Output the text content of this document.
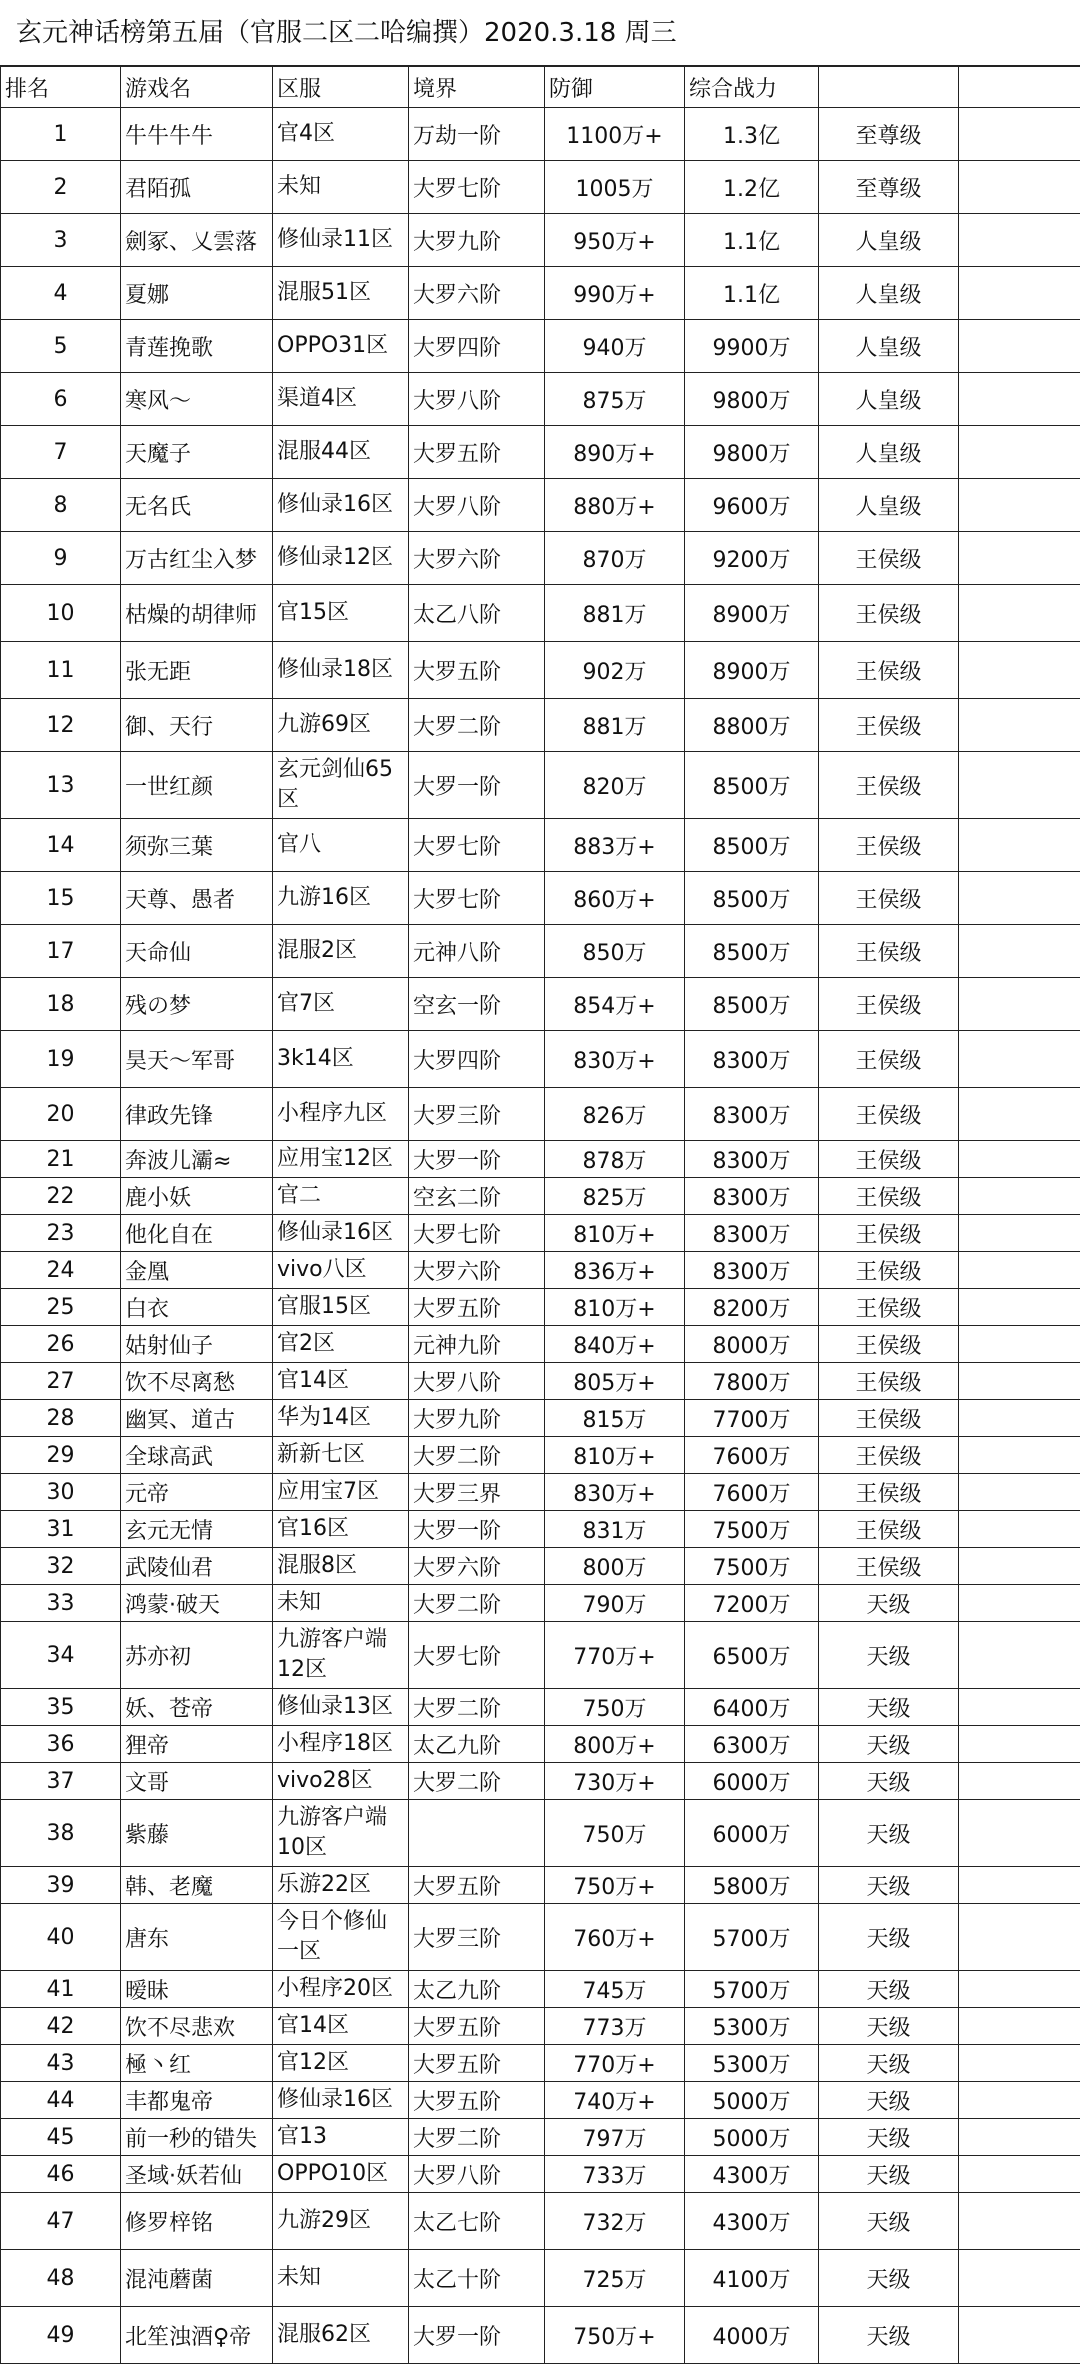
玄元神话榜第五届（官服二区二哈编撰）2020.3.18 周三
排名	游戏名	区服	境界	防御	综合战力		
1	牛牛牛牛	官4区	万劫一阶	1100万+	1.3亿	至尊级	
2	君陌孤	未知	大罗七阶	1005万	1.2亿	至尊级	
3	劍冢、乂雲落	修仙录11区	大罗九阶	950万+	1.1亿	人皇级	
4	夏娜	混服51区	大罗六阶	990万+	1.1亿	人皇级	
5	青莲挽歌	OPPO31区	大罗四阶	940万	9900万	人皇级	
6	寒风～	渠道4区	大罗八阶	875万	9800万	人皇级	
7	天魔子	混服44区	大罗五阶	890万+	9800万	人皇级	
8	无名氏	修仙录16区	大罗八阶	880万+	9600万	人皇级	
9	万古红尘入梦	修仙录12区	大罗六阶	870万	9200万	王侯级	
10	枯燥的胡律师	官15区	太乙八阶	881万	8900万	王侯级	
11	张无距	修仙录18区	大罗五阶	902万	8900万	王侯级	
12	御、天行	九游69区	大罗二阶	881万	8800万	王侯级	
13	一世红颜	玄元剑仙65区	大罗一阶	820万	8500万	王侯级	
14	须弥三葉	官八	大罗七阶	883万+	8500万	王侯级	
15	天尊、愚者	九游16区	大罗七阶	860万+	8500万	王侯级	
17	天命仙	混服2区	元神八阶	850万	8500万	王侯级	
18	残の梦	官7区	空玄一阶	854万+	8500万	王侯级	
19	昊天～军哥	3k14区	大罗四阶	830万+	8300万	王侯级	
20	律政先锋	小程序九区	大罗三阶	826万	8300万	王侯级	
21	奔波儿灞≈	应用宝12区	大罗一阶	878万	8300万	王侯级	
22	鹿小妖	官二	空玄二阶	825万	8300万	王侯级	
23	他化自在	修仙录16区	大罗七阶	810万+	8300万	王侯级	
24	金凰	vivo八区	大罗六阶	836万+	8300万	王侯级	
25	白衣	官服15区	大罗五阶	810万+	8200万	王侯级	
26	姑射仙子	官2区	元神九阶	840万+	8000万	王侯级	
27	饮不尽离愁	官14区	大罗八阶	805万+	7800万	王侯级	
28	幽冥、道古	华为14区	大罗九阶	815万	7700万	王侯级	
29	全球高武	新新七区	大罗二阶	810万+	7600万	王侯级	
30	元帝	应用宝7区	大罗三界	830万+	7600万	王侯级	
31	玄元无情	官16区	大罗一阶	831万	7500万	王侯级	
32	武陵仙君	混服8区	大罗六阶	800万	7500万	王侯级	
33	鸿蒙·破天	未知	大罗二阶	790万	7200万	天级	
34	苏亦初	九游客户端12区	大罗七阶	770万+	6500万	天级	
35	妖、苍帝	修仙录13区	大罗二阶	750万	6400万	天级	
36	狸帝	小程序18区	太乙九阶	800万+	6300万	天级	
37	文哥	vivo28区	大罗二阶	730万+	6000万	天级	
38	紫藤	九游客户端10区		750万	6000万	天级	
39	韩、老魔	乐游22区	大罗五阶	750万+	5800万	天级	
40	唐东	今日个修仙一区	大罗三阶	760万+	5700万	天级	
41	暧昧	小程序20区	太乙九阶	745万	5700万	天级	
42	饮不尽悲欢	官14区	大罗五阶	773万	5300万	天级	
43	極丶红	官12区	大罗五阶	770万+	5300万	天级	
44	丰都鬼帝	修仙录16区	大罗五阶	740万+	5000万	天级	
45	前一秒的错失	官13	大罗二阶	797万	5000万	天级	
46	圣域·妖若仙	OPPO10区	大罗八阶	733万	4300万	天级	
47	修罗梓铭	九游29区	太乙七阶	732万	4300万	天级	
48	混沌蘑菌	未知	太乙十阶	725万	4100万	天级	
49	北笙浊酒♀帝	混服62区	大罗一阶	750万+	4000万	天级	
